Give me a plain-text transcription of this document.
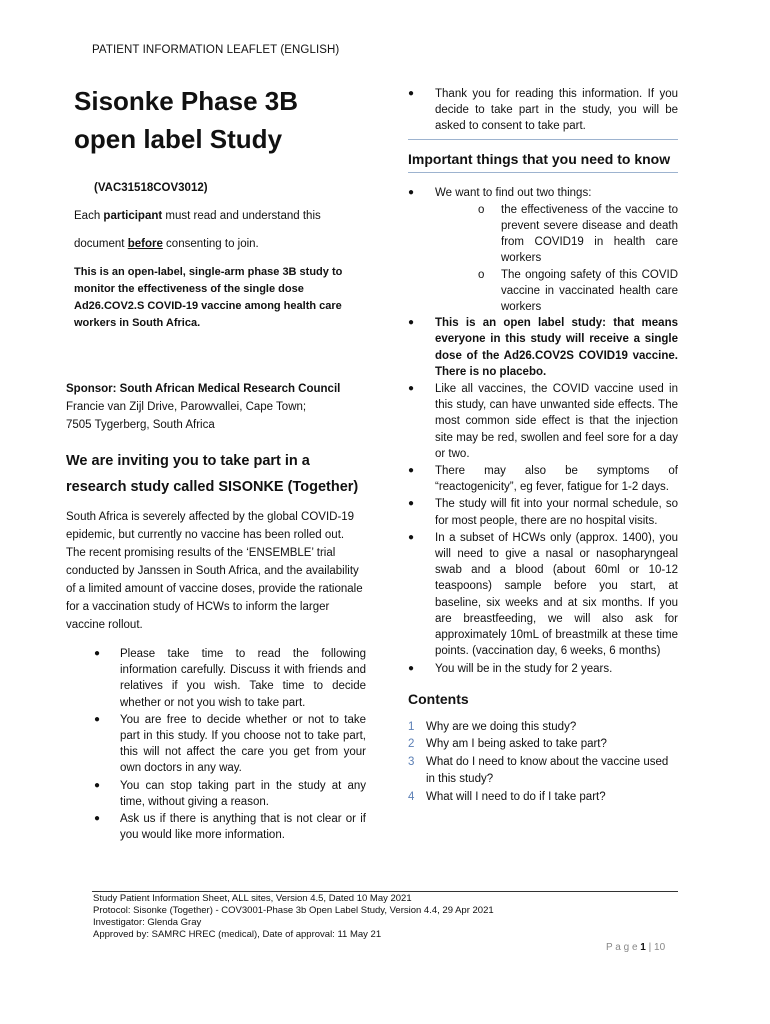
PATIENT INFORMATION LEAFLET (ENGLISH)
Sisonke Phase 3B open label Study
(VAC31518COV3012)
Each participant must read and understand this document before consenting to join.
This is an open-label, single-arm phase 3B study to monitor the effectiveness of the single dose Ad26.COV2.S COVID-19 vaccine among health care workers in South Africa.
Sponsor: South African Medical Research Council
Francie van Zijl Drive, Parowvallei, Cape Town;
7505 Tygerberg, South Africa
We are inviting you to take part in a research study called SISONKE (Together)
South Africa is severely affected by the global COVID-19 epidemic, but currently no vaccine has been rolled out. The recent promising results of the ‘ENSEMBLE’ trial conducted by Janssen in South Africa, and the availability of a limited amount of vaccine doses, provide the rationale for a vaccination study of HCWs to inform the larger vaccine rollout.
● Please take time to read the following information carefully. Discuss it with friends and relatives if you wish. Take time to decide whether or not you wish to take part.
● You are free to decide whether or not to take part in this study. If you choose not to take part, this will not affect the care you get from your own doctors in any way.
● You can stop taking part in the study at any time, without giving a reason.
● Ask us if there is anything that is not clear or if you would like more information.
● Thank you for reading this information. If you decide to take part in the study, you will be asked to consent to take part.
Important things that you need to know
● We want to find out two things:
o the effectiveness of the vaccine to prevent severe disease and death from COVID19 in health care workers
o The ongoing safety of this COVID vaccine in vaccinated health care workers
● This is an open label study: that means everyone in this study will receive a single dose of the Ad26.COV2S COVID19 vaccine. There is no placebo.
● Like all vaccines, the COVID vaccine used in this study, can have unwanted side effects. The most common side effect is that the injection site may be red, swollen and feel sore for a day or two.
● There may also be symptoms of “reactogenicity”, eg fever, fatigue for 1-2 days.
● The study will fit into your normal schedule, so for most people, there are no hospital visits.
● In a subset of HCWs only (approx. 1400), you will need to give a nasal or nasopharyngeal swab and a blood (about 60ml or 10-12 teaspoons) sample before you start, at baseline, six weeks and at six months. If you are breastfeeding, we will also ask for approximately 10mL of breastmilk at these time points. (vaccination day, 6 weeks, 6 months)
● You will be in the study for 2 years.
Contents
1 Why are we doing this study?
2 Why am I being asked to take part?
3 What do I need to know about the vaccine used in this study?
4 What will I need to do if I take part?
Study Patient Information Sheet, ALL sites, Version 4.5, Dated 10 May 2021
Protocol: Sisonke (Together) - COV3001-Phase 3b Open Label Study, Version 4.4, 29 Apr 2021
Investigator: Glenda Gray
Approved by: SAMRC HREC (medical), Date of approval: 11 May 21
P a g e 1 | 10
